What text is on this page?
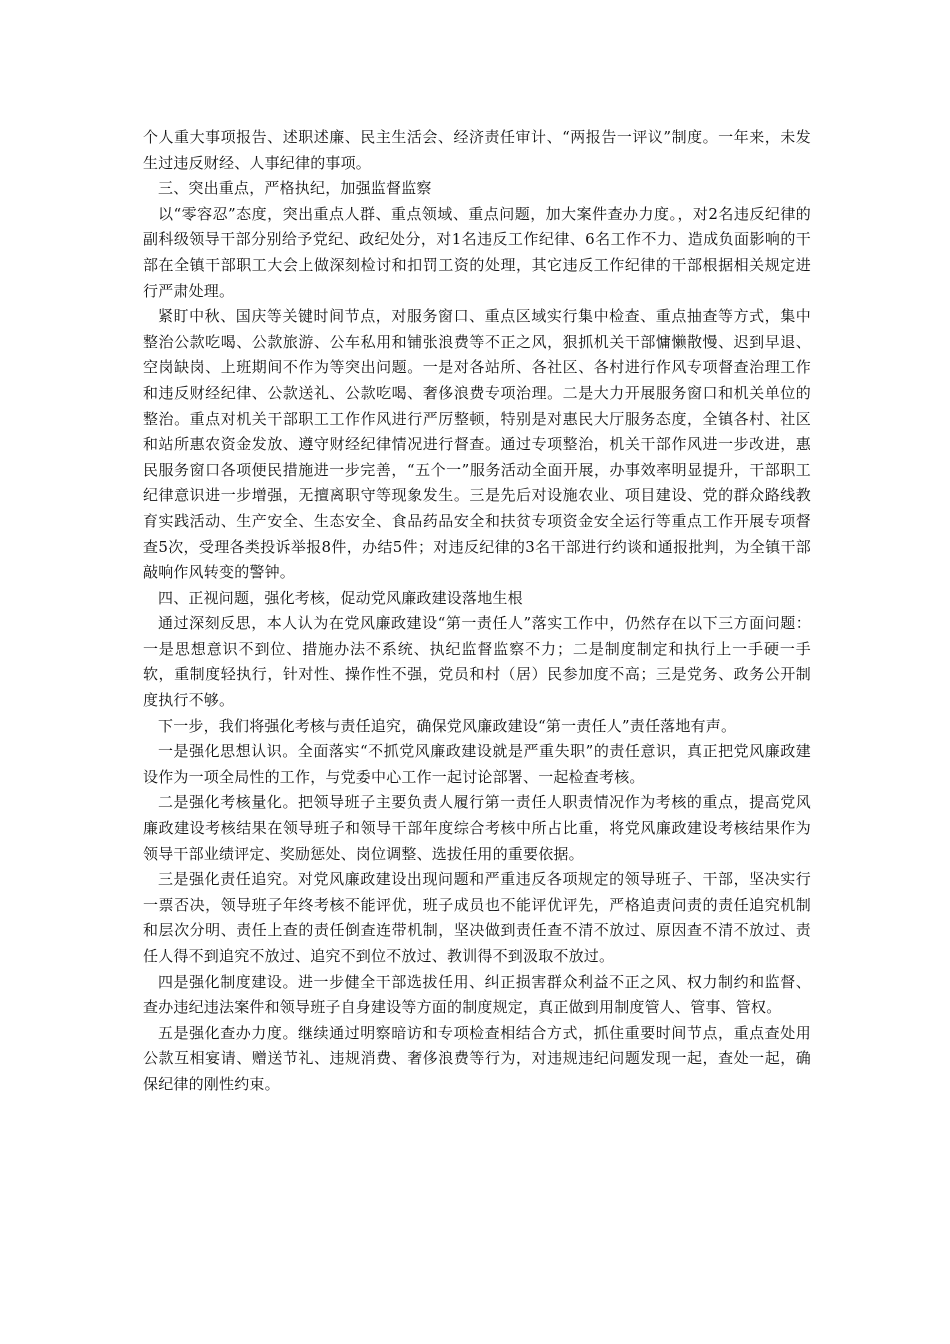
个人重大事项报告、述职述廉、民主生活会、经济责任审计、“两报告一评议”制度。一年来，未发生过违反财经、人事纪律的事项。

三、突出重点，严格执纪，加强监督监察

以“零容忍”态度，突出重点人群、重点领域、重点问题，加大案件查办力度。，对2名违反纪律的副科级领导干部分别给予党纪、政纪处分，对1名违反工作纪律、6名工作不力、造成负面影响的干部在全镇干部职工大会上做深刻检讨和扣罚工资的处理，其它违反工作纪律的干部根据相关规定进行严肃处理。

紧盯中秋、国庆等关键时间节点，对服务窗口、重点区域实行集中检查、重点抽查等方式，集中整治公款吃喝、公款旅游、公车私用和铺张浪费等不正之风，狠抓机关干部慵懒散慢、迟到早退、空岗缺岗、上班期间不作为等突出问题。一是对各站所、各社区、各村进行作风专项督查治理工作和违反财经纪律、公款送礼、公款吃喝、奢侈浪费专项治理。二是大力开展服务窗口和机关单位的整治。重点对机关干部职工工作作风进行严厉整顿，特别是对惠民大厅服务态度，全镇各村、社区和站所惠农资金发放、遵守财经纪律情况进行督查。通过专项整治，机关干部作风进一步改进，惠民服务窗口各项便民措施进一步完善，“五个一”服务活动全面开展，办事效率明显提升，干部职工纪律意识进一步增强，无擅离职守等现象发生。三是先后对设施农业、项目建设、党的群众路线教育实践活动、生产安全、生态安全、食品药品安全和扶贫专项资金安全运行等重点工作开展专项督查5次，受理各类投诉举报8件，办结5件；对违反纪律的3名干部进行约谈和通报批判，为全镇干部敲响作风转变的警钟。

四、正视问题，强化考核，促动党风廉政建设落地生根

通过深刻反思，本人认为在党风廉政建设“第一责任人”落实工作中，仍然存在以下三方面问题：一是思想意识不到位、措施办法不系统、执纪监督监察不力；二是制度制定和执行上一手硬一手软，重制度轻执行，针对性、操作性不强，党员和村（居）民参加度不高；三是党务、政务公开制度执行不够。

下一步，我们将强化考核与责任追究，确保党风廉政建设“第一责任人”责任落地有声。

一是强化思想认识。全面落实“不抓党风廉政建设就是严重失职”的责任意识，真正把党风廉政建设作为一项全局性的工作，与党委中心工作一起讨论部署、一起检查考核。

二是强化考核量化。把领导班子主要负责人履行第一责任人职责情况作为考核的重点，提高党风廉政建设考核结果在领导班子和领导干部年度综合考核中所占比重，将党风廉政建设考核结果作为领导干部业绩评定、奖励惩处、岗位调整、选拔任用的重要依据。

三是强化责任追究。对党风廉政建设出现问题和严重违反各项规定的领导班子、干部，坚决实行一票否决，领导班子年终考核不能评优，班子成员也不能评优评先，严格追责问责的责任追究机制和层次分明、责任上查的责任倒查连带机制，坚决做到责任查不清不放过、原因查不清不放过、责任人得不到追究不放过、追究不到位不放过、教训得不到汲取不放过。

四是强化制度建设。进一步健全干部选拔任用、纠正损害群众利益不正之风、权力制约和监督、查办违纪违法案件和领导班子自身建设等方面的制度规定，真正做到用制度管人、管事、管权。

五是强化查办力度。继续通过明察暗访和专项检查相结合方式，抓住重要时间节点，重点查处用公款互相宴请、赠送节礼、违规消费、奢侈浪费等行为，对违规违纪问题发现一起，查处一起，确保纪律的刚性约束。
